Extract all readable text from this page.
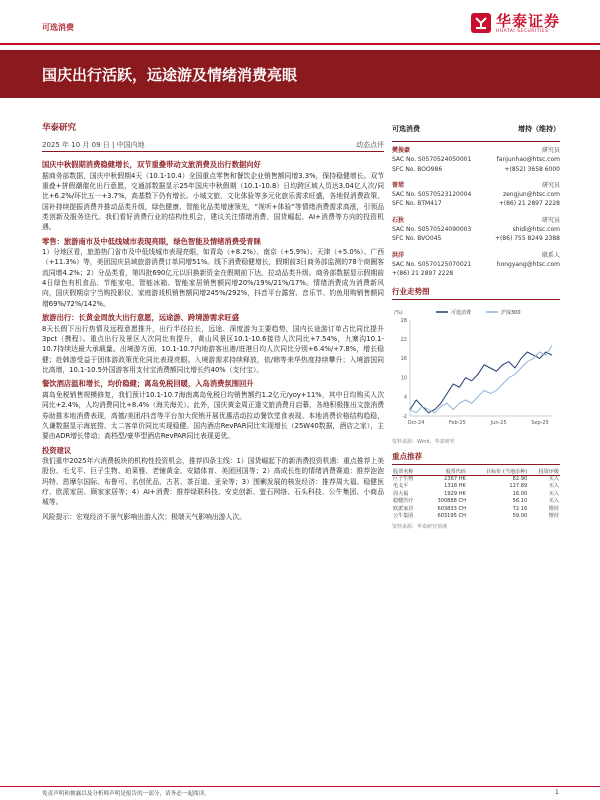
可选消费	华泰证券
HUATAI SECURITIES
国庆出行活跃，远途游及情绪消费亮眼
华泰研究
2025 年 10 月 09 日 | 中国内地	动态点评
国庆中秋假期消费稳健增长，双节重叠带动文旅消费及出行数据向好

据商务部数据，国庆中秋假期4天（10.1-10.4）全国重点零售和餐饮企业销售额同增3.3%，保持稳健增长。双节重叠+拼假潮催化出行意愿，交通部数据显示25年国庆中秋假期（10.1-10.8）日均跨区域人员达3.04亿人次/同比+6.2%/环比五一+3.7%，高基数下仍有增长。小城文旅、文化体验等多元化旅乐需求旺盛，各地促消费政策、国补持续提振消费并推动品类升级，绿色健康、智能化品类增速领先，“视听+体验”等情绪消费需求高涨，引领品类创新及服务迭代。我们看好消费行业的结构性机会，建议关注情绪消费、国货崛起、AI+消费等方向的投资机遇。

零售：旅游南市及中低线城市表现亮眼，绿色智能及情绪消费受青睐

1）分地区看，旅游热门省市及中低线城市表现亮眼，如青岛（+8.2%）、南京（+5.9%）、天津（+5.0%）、广西（+11.3%）等，美团国庆县域旅游消费订单同增51%。线下消费稳健增长，假期前3日商务部监测的78个商圈客流同增4.2%；2）分品类看，第四批690亿元以旧换新资金在假期前下达，拉动品类升级。商务部数据显示假期前4日绿色有机食品、节能家电、智能冰箱、智能家居销售额同增20%/19%/21%/17%。情绪消费成为消费新风向，国庆假期京宁当购投影仪、家庭游戏机销售额同增245%/292%，抖音平台露营、音乐节、钓鱼用购销售额同增69%/72%/142%。

旅游出行：长黄金周放大出行意愿，远途游、跨境游需求旺盛

8天长假下出行热情及远程意愿推升，出行半径拉长，远途、深度游为主要趋势，国内长途游订单占比同比提升3pct（携程）。重点出行及景区人次同比有提升，黄山风景区10.1-10.6接待人次同比+7.54%，九寨沟10.1-10.7持续达最大承载量。出境游方面，10.1-10.7内地游客出港/进港日均人次同比分别+6.4%/+7.8%，增长稳健；赴韩游受益于团体游政策优化同比表现亮眼。入境游需求持续释放，依/韩等来华热度持续攀升；入境游国同比高增，10.1-10.5外国游客用支付宝消费额同比增长约40%（支付宝）。

餐饮酒店温和增长，均价稳健；离岛免税回暖，入岛消费氛围回升

离岛免税销售规模修复，我们预计10.1-10.7海南离岛免税日均销售额约1.2亿元/yoy+11%，其中日均购买人次同比+2.4%，人均消费同比+8.4%（海关海关）。此外，国庆黄金周正逢文旅消费月启幕，各地积极推出文旅消费券助推本地消费表现，高德/美团/抖音等平台加大促销开展优惠活动拉动餐饮堂食表现。本地消费价格结构趋稳，久谦数据显示海底捞、太二客单价同比实现稳健。国内酒店RevPAR同比实现增长（25W40数据，酒店之家），主要由ADR增长带动；高档型/豪华型酒店RevPAR同比表现更优。

投资建议

我们重申2025年六消费板块的机构性投资机会，推荐四条主线：1）国货崛起下的新消费投资机遇：重点推荐上美股份、毛戈平、巨子生物、珀莱雅、老铺黄金、安踏体育、美团回国等；2）高成长性的情绪消费赛道：推荐泡泡玛特、恩摩尔国际、布鲁可、名创优品、古茗、茶百道、亚朵等；3）围剿发展的核发经济：推荐周大福、稳健医疗、欧派家居、顾家家居等；4）AI+消费：推荐绿联科技、安克创新、萤石网络、石头科技、公牛集团、小商品城等。

风险提示：宏观经济不景气影响出游人次；极端天气影响出游人次。

可选消费	增持（维持）
樊俊豪	研究员
SAC No. S0570524050001	fanjunhao@htsc.com
SFC No. BOO986	+(852) 3658 6000
曾珺	研究员
SAC No. S0570523120004	zengjun@htsc.com
SFC No. BTM417	+(86) 21 2897 2228
石狄	研究员
SAC No. S0570524090003	shidi@htsc.com
SFC No. BVO045	+(86) 755 8249 2388
洪洋	联系人
SAC No. S0570125070021	hongyang@htsc.com
+(86) 21 2897 2228
行业走势图
(%)
-2
4
10
16
22
28
Oct-24	Feb-25	Jun-25	Sep-25
可选消费	沪深300
资料来源：Wind，华泰研究
重点推荐
股票名称	股票代码	目标价 (当地币种)	投资评级
巨子生物	2367 HK	82.90	买入
毛戈平	1318 HK	127.89	买入
周大福	1929 HK	16.00	买入
稳健医疗	300888 CH	56.10	买入
欧派家居	603833 CH	72.16	增持
公牛集团	603195 CH	59.00	增持
资料来源：华泰研究预测
免责声明和披露以及分析师声明是报告的一部分，请务必一起阅读。	1
